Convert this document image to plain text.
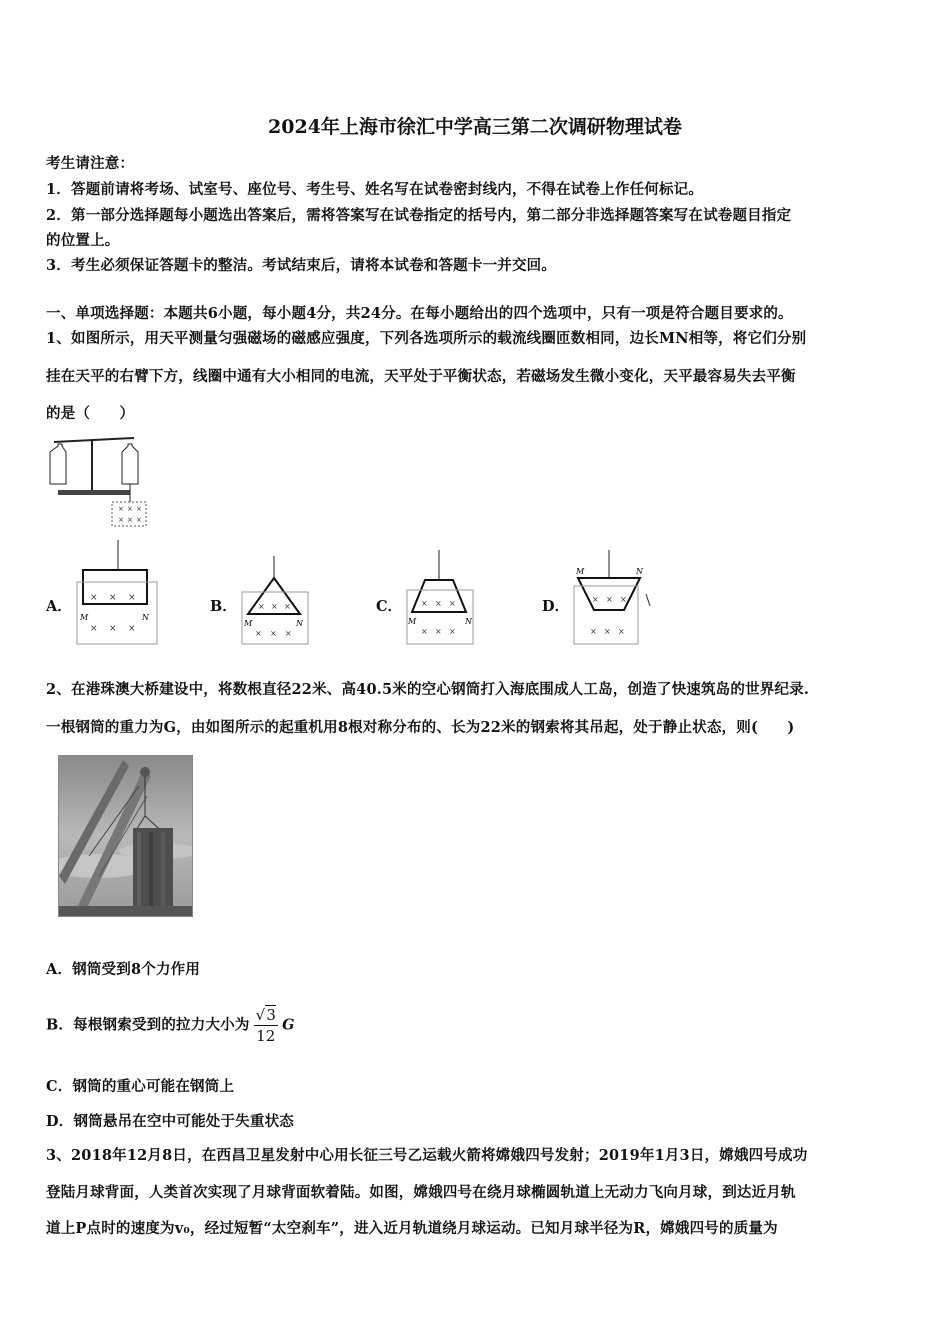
2024年上海市徐汇中学高三第二次调研物理试卷
考生请注意：
1．答题前请将考场、试室号、座位号、考生号、姓名写在试卷密封线内，不得在试卷上作任何标记。
2．第一部分选择题每小题选出答案后，需将答案写在试卷指定的括号内，第二部分非选择题答案写在试卷题目指定
的位置上。
3．考生必须保证答题卡的整洁。考试结束后，请将本试卷和答题卡一并交回。
一、单项选择题：本题共6小题，每小题4分，共24分。在每小题给出的四个选项中，只有一项是符合题目要求的。
1、如图所示，用天平测量匀强磁场的磁感应强度，下列各选项所示的载流线圈匝数相同，边长MN相等，将它们分别
挂在天平的右臂下方，线圈中通有大小相同的电流，天平处于平衡状态，若磁场发生微小变化，天平最容易失去平衡
的是（　　）
× × ×
× × ×
A． × × ×
× × ×
M	N
B．	× × ×
× × ×
M	N
C． × × ×
× × ×
M	N
D．	× × ×
× × ×
M	N
2、在港珠澳大桥建设中，将数根直径22米、高40.5米的空心钢筒打入海底围成人工岛，创造了快速筑岛的世界纪录.
一根钢筒的重力为G，由如图所示的起重机用8根对称分布的、长为22米的钢索将其吊起，处于静止状态，则(　　)
A．钢筒受到8个力作用
B．每根钢索受到的拉力大小为 $\frac{√3}{12}$ G
C．钢筒的重心可能在钢筒上
D．钢筒悬吊在空中可能处于失重状态
3、2018年12月8日，在西昌卫星发射中心用长征三号乙运载火箭将嫦娥四号发射；2019年1月3日，嫦娥四号成功
登陆月球背面，人类首次实现了月球背面软着陆。如图，嫦娥四号在绕月球椭圆轨道上无动力飞向月球，到达近月轨
道上P点时的速度为v₀，经过短暂“太空刹车”，进入近月轨道绕月球运动。已知月球半径为R，嫦娥四号的质量为
